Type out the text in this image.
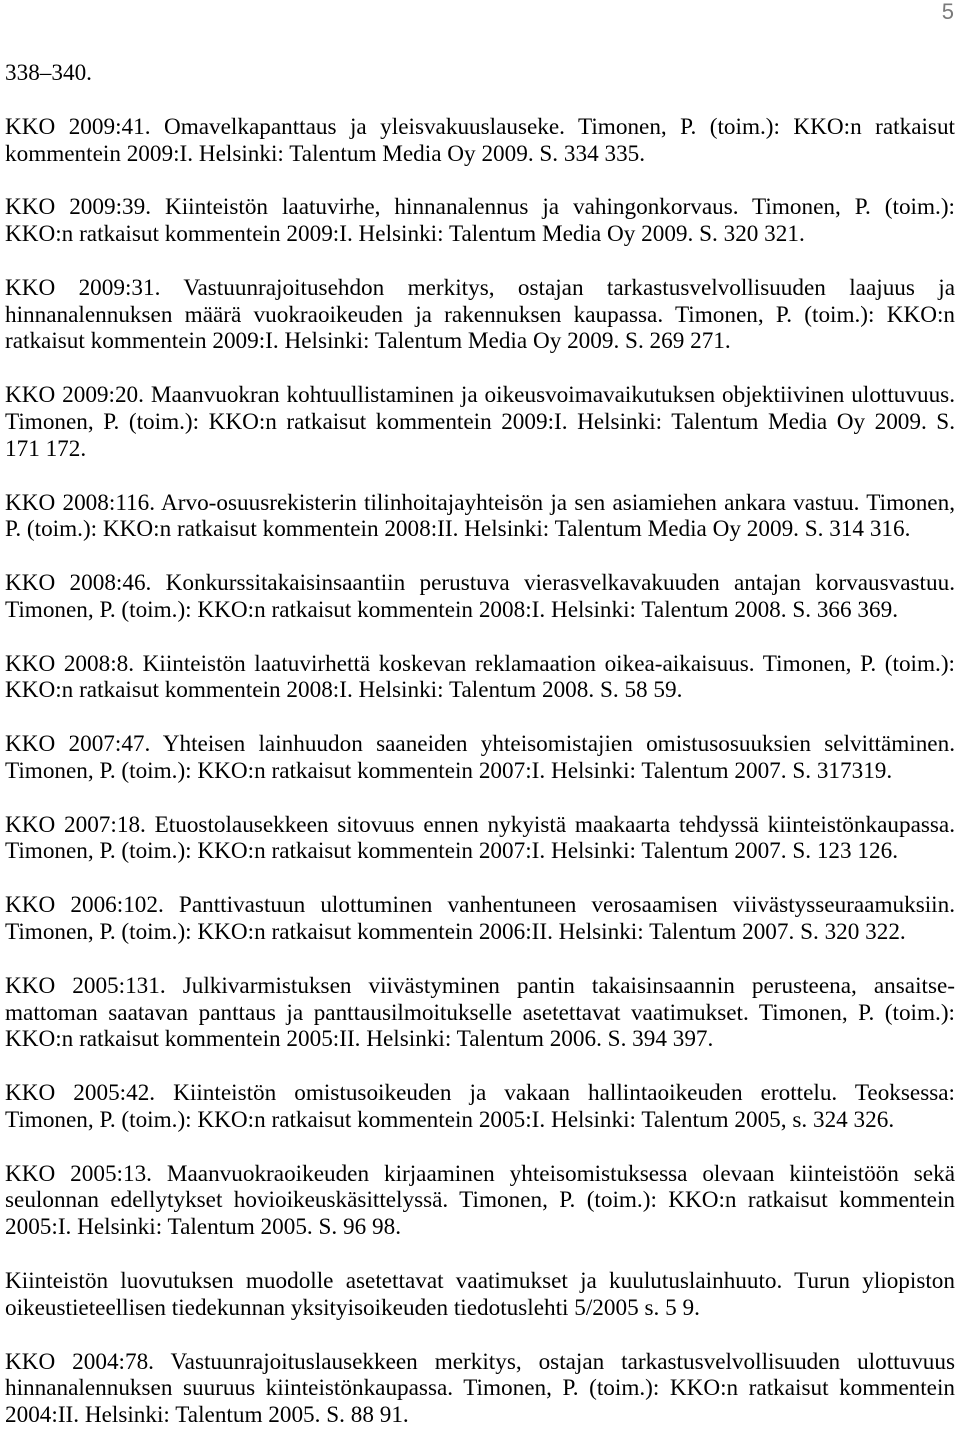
5
338–340.
KKO 2009:41. Omavelkapanttaus ja yleisvakuuslauseke. Timonen, P. (toim.): KKO:n ratkaisut
kommentein 2009:I. Helsinki: Talentum Media Oy 2009. S. 334 335.
KKO 2009:39. Kiinteistön laatuvirhe, hinnanalennus ja vahingonkorvaus. Timonen, P. (toim.):
KKO:n ratkaisut kommentein 2009:I. Helsinki: Talentum Media Oy 2009. S. 320 321.
KKO 2009:31. Vastuunrajoitusehdon merkitys, ostajan tarkastusvelvollisuuden laajuus ja
hinnanalennuksen määrä vuokraoikeuden ja rakennuksen kaupassa. Timonen, P. (toim.): KKO:n
ratkaisut kommentein 2009:I. Helsinki: Talentum Media Oy 2009. S. 269 271.
KKO 2009:20. Maanvuokran kohtuullistaminen ja oikeusvoimavaikutuksen objektiivinen ulottuvuus.
Timonen, P. (toim.): KKO:n ratkaisut kommentein 2009:I. Helsinki: Talentum Media Oy 2009. S.
171 172.
KKO 2008:116. Arvo-osuusrekisterin tilinhoitajayhteisön ja sen asiamiehen ankara vastuu. Timonen,
P. (toim.): KKO:n ratkaisut kommentein 2008:II. Helsinki: Talentum Media Oy 2009. S. 314 316.
KKO 2008:46. Konkurssitakaisinsaantiin perustuva vierasvelkavakuuden antajan korvausvastuu.
Timonen, P. (toim.): KKO:n ratkaisut kommentein 2008:I. Helsinki: Talentum 2008. S. 366 369.
KKO 2008:8. Kiinteistön laatuvirhettä koskevan reklamaation oikea-aikaisuus. Timonen, P. (toim.):
KKO:n ratkaisut kommentein 2008:I. Helsinki: Talentum 2008. S. 58 59.
KKO 2007:47. Yhteisen lainhuudon saaneiden yhteisomistajien omistusosuuksien selvittäminen.
Timonen, P. (toim.): KKO:n ratkaisut kommentein 2007:I. Helsinki: Talentum 2007. S. 317319.
KKO 2007:18. Etuostolausekkeen sitovuus ennen nykyistä maakaarta tehdyssä kiinteistönkaupassa.
Timonen, P. (toim.): KKO:n ratkaisut kommentein 2007:I. Helsinki: Talentum 2007. S. 123 126.
KKO 2006:102. Panttivastuun ulottuminen vanhentuneen verosaamisen viivästysseuraamuksiin.
Timonen, P. (toim.): KKO:n ratkaisut kommentein 2006:II. Helsinki: Talentum 2007. S. 320 322.
KKO 2005:131. Julkivarmistuksen viivästyminen pantin takaisinsaannin perusteena, ansaitse-
mattoman saatavan panttaus ja panttausilmoitukselle asetettavat vaatimukset. Timonen, P. (toim.):
KKO:n ratkaisut kommentein 2005:II. Helsinki: Talentum 2006. S. 394 397.
KKO 2005:42. Kiinteistön omistusoikeuden ja vakaan hallintaoikeuden erottelu. Teoksessa:
Timonen, P. (toim.): KKO:n ratkaisut kommentein 2005:I. Helsinki: Talentum 2005, s. 324 326.
KKO 2005:13. Maanvuokraoikeuden kirjaaminen yhteisomistuksessa olevaan kiinteistöön sekä
seulonnan edellytykset hovioikeuskäsittelyssä. Timonen, P. (toim.): KKO:n ratkaisut kommentein
2005:I. Helsinki: Talentum 2005. S. 96 98.
Kiinteistön luovutuksen muodolle asetettavat vaatimukset ja kuulutuslainhuuto. Turun yliopiston
oikeustieteellisen tiedekunnan yksityisoikeuden tiedotuslehti 5/2005 s. 5 9.
KKO 2004:78. Vastuunrajoituslausekkeen merkitys, ostajan tarkastusvelvollisuuden ulottuvuus
hinnanalennuksen suuruus kiinteistönkaupassa. Timonen, P. (toim.): KKO:n ratkaisut kommentein
2004:II. Helsinki: Talentum 2005. S. 88 91.
